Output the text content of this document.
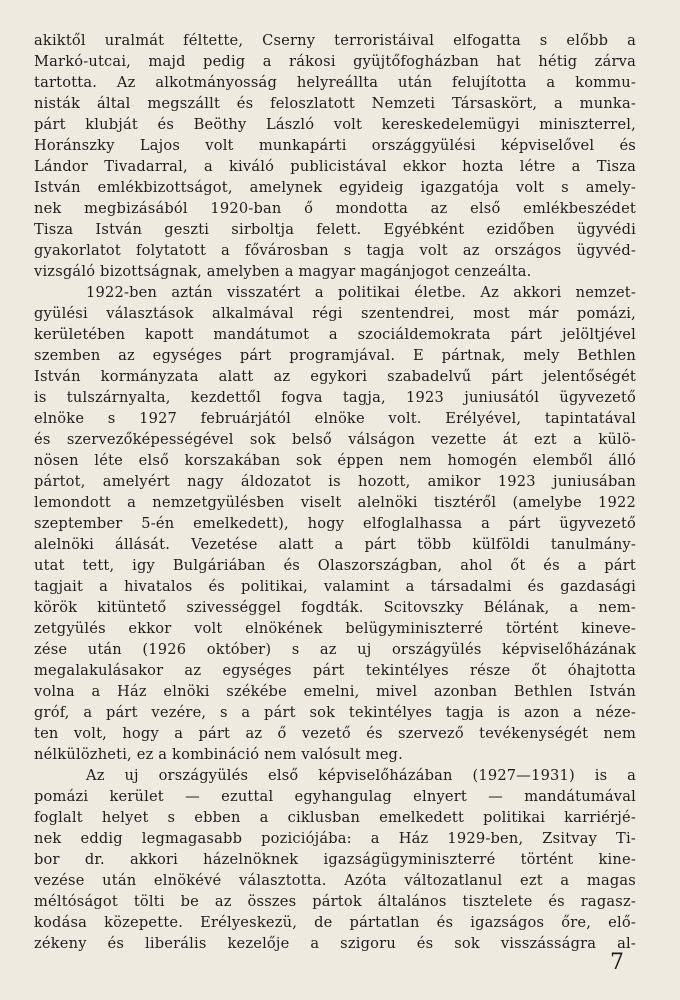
akiktől uralmát féltette, Cserny terroristáival elfogatta s előbb a
Markó-utcai, majd pedig a rákosi gyüjtőfogházban hat hétig zárva
tartotta. Az alkotmányosság helyreállta után felujította a kommu-
nisták által megszállt és feloszlatott Nemzeti Társaskört, a munka-
párt klubját és Beöthy László volt kereskedelemügyi miniszterrel,
Horánszky Lajos volt munkapárti országgyülési képviselővel és
Lándor Tivadarral, a kiváló publicistával ekkor hozta létre a Tisza
István emlékbizottságot, amelynek egyideig igazgatója volt s amely-
nek megbizásából 1920-ban ő mondotta az első emlékbeszédet
Tisza István geszti sirboltja felett. Egyébként ezidőben ügyvédi
gyakorlatot folytatott a fővárosban s tagja volt az országos ügyvéd-
vizsgáló bizottságnak, amelyben a magyar magánjogot cenzeálta.
1922-ben aztán visszatért a politikai életbe. Az akkori nemzet-
gyülési választások alkalmával régi szentendrei, most már pomázi,
kerületében kapott mandátumot a szociáldemokrata párt jelöltjével
szemben az egységes párt programjával. E pártnak, mely Bethlen
István kormányzata alatt az egykori szabadelvű párt jelentőségét
is tulszárnyalta, kezdettől fogva tagja, 1923 juniusától ügyvezető
elnöke s 1927 februárjától elnöke volt. Erélyével, tapintatával
és szervezőképességével sok belső válságon vezette át ezt a külö-
nösen léte első korszakában sok éppen nem homogén elemből álló
pártot, amelyért nagy áldozatot is hozott, amikor 1923 juniusában
lemondott a nemzetgyülésben viselt alelnöki tisztéről (amelybe 1922
szeptember 5-én emelkedett), hogy elfoglalhassa a párt ügyvezető
alelnöki állását. Vezetése alatt a párt több külföldi tanulmány-
utat tett, igy Bulgáriában és Olaszországban, ahol őt és a párt
tagjait a hivatalos és politikai, valamint a társadalmi és gazdasági
körök kitüntető szivességgel fogdták. Scitovszky Bélának, a nem-
zetgyülés ekkor volt elnökének belügyminiszterré történt kineve-
zése után (1926 október) s az uj országyülés képviselőházának
megalakulásakor az egységes párt tekintélyes része őt óhajtotta
volna a Ház elnöki székébe emelni, mivel azonban Bethlen István
gróf, a párt vezére, s a párt sok tekintélyes tagja is azon a néze-
ten volt, hogy a párt az ő vezető és szervező tevékenységét nem
nélkülözheti, ez a kombináció nem valósult meg.
Az uj országyülés első képviselőházában (1927—1931) is a
pomázi kerület — ezuttal egyhangulag elnyert — mandátumával
foglalt helyet s ebben a ciklusban emelkedett politikai karriérjé-
nek eddig legmagasabb poziciójába: a Ház 1929-ben, Zsitvay Ti-
bor dr. akkori házelnöknek igazságügyminiszterré történt kine-
vezése után elnökévé választotta. Azóta változatlanul ezt a magas
méltóságot tölti be az összes pártok általános tisztelete és ragasz-
kodása közepette. Erélyeskezü, de pártatlan és igazságos őre, elő-
zékeny és liberális kezelője a szigoru és sok visszásságra al-
7
